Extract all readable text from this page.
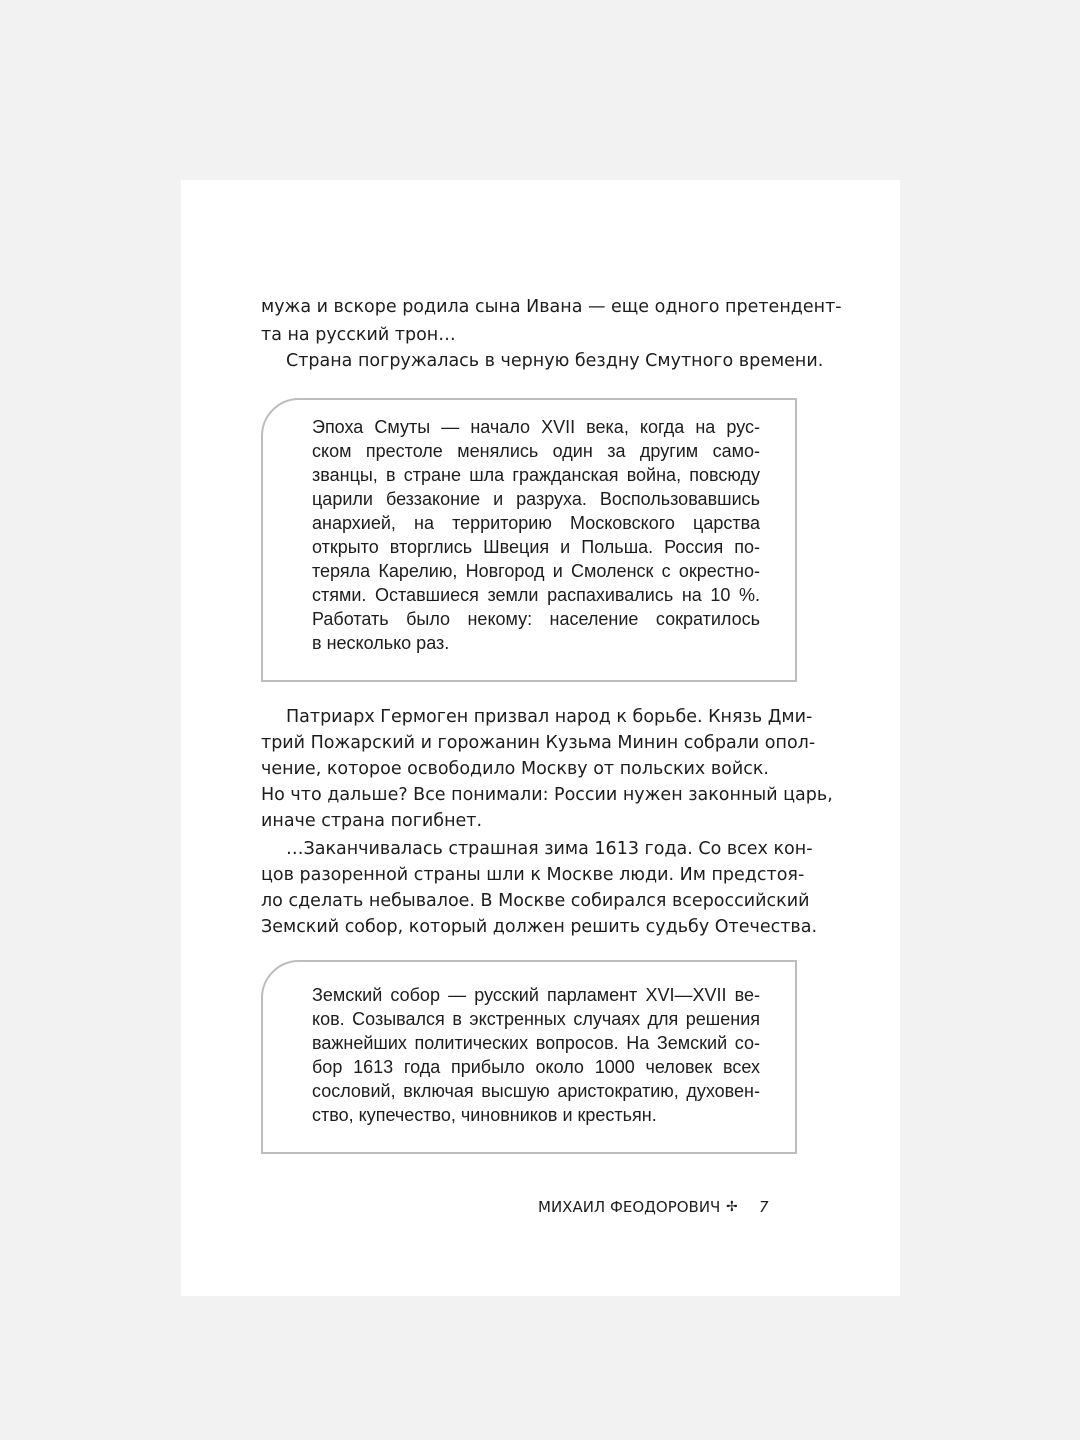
мужа и вскоре родила сына Ивана — еще одного претендент-
та на русский трон…
Страна погружалась в черную бездну Смутного времени.
Эпоха Смуты — начало XVII века, когда на рус-
ском престоле менялись один за другим само-
званцы, в стране шла гражданская война, повсюду
царили беззаконие и разруха. Воспользовавшись
анархией, на территорию Московского царства
открыто вторглись Швеция и Польша. Россия по-
теряла Карелию, Новгород и Смоленск с окрестно-
стями. Оставшиеся земли распахивались на 10 %.
Работать было некому: население сократилось
в несколько раз.
Патриарх Гермоген призвал народ к борьбе. Князь Дми-
трий Пожарский и горожанин Кузьма Минин собрали опол-
чение, которое освободило Москву от польских войск.
Но что дальше? Все понимали: России нужен законный царь,
иначе страна погибнет.
…Заканчивалась страшная зима 1613 года. Со всех кон-
цов разоренной страны шли к Москве люди. Им предстоя-
ло сделать небывалое. В Москве собирался всероссийский
Земский собор, который должен решить судьбу Отечества.
Земский собор — русский парламент XVI—XVII ве-
ков. Созывался в экстренных случаях для решения
важнейших политических вопросов. На Земский со-
бор 1613 года прибыло около 1000 человек всех
сословий, включая высшую аристократию, духовен-
ство, купечество, чиновников и крестьян.
МИХАИЛ ФЕОДОРОВИЧ ✢ 7
